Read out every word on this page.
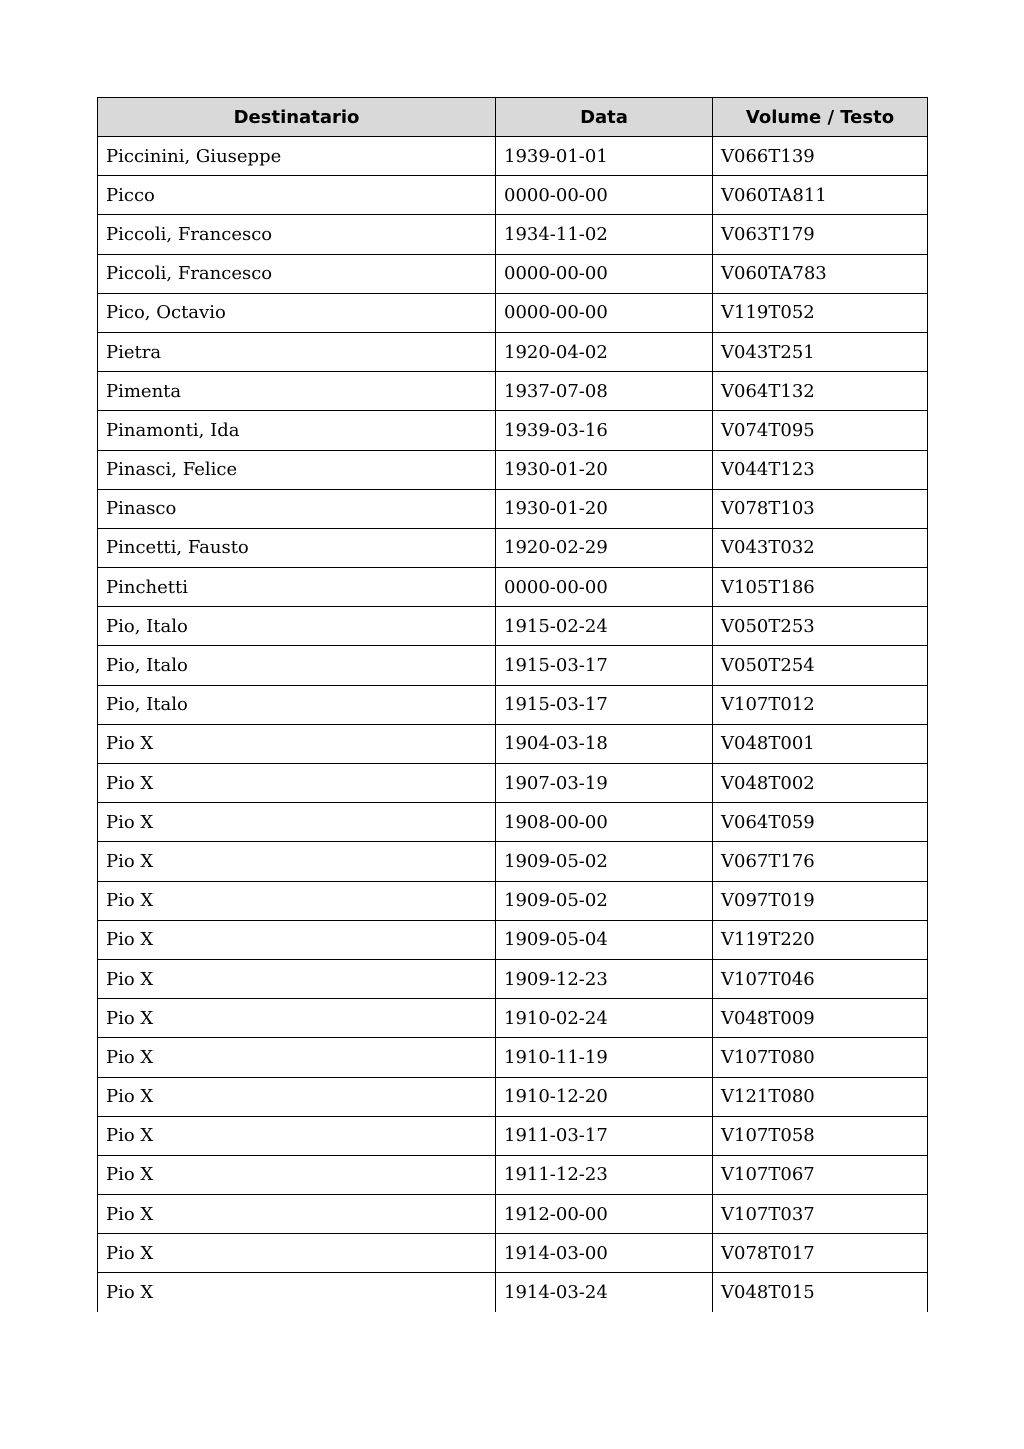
Destinatario	Data	Volume / Testo
Piccinini, Giuseppe	1939-01-01	V066T139
Picco	0000-00-00	V060TA811
Piccoli, Francesco	1934-11-02	V063T179
Piccoli, Francesco	0000-00-00	V060TA783
Pico, Octavio	0000-00-00	V119T052
Pietra	1920-04-02	V043T251
Pimenta	1937-07-08	V064T132
Pinamonti, Ida	1939-03-16	V074T095
Pinasci, Felice	1930-01-20	V044T123
Pinasco	1930-01-20	V078T103
Pincetti, Fausto	1920-02-29	V043T032
Pinchetti	0000-00-00	V105T186
Pio, Italo	1915-02-24	V050T253
Pio, Italo	1915-03-17	V050T254
Pio, Italo	1915-03-17	V107T012
Pio X	1904-03-18	V048T001
Pio X	1907-03-19	V048T002
Pio X	1908-00-00	V064T059
Pio X	1909-05-02	V067T176
Pio X	1909-05-02	V097T019
Pio X	1909-05-04	V119T220
Pio X	1909-12-23	V107T046
Pio X	1910-02-24	V048T009
Pio X	1910-11-19	V107T080
Pio X	1910-12-20	V121T080
Pio X	1911-03-17	V107T058
Pio X	1911-12-23	V107T067
Pio X	1912-00-00	V107T037
Pio X	1914-03-00	V078T017
Pio X	1914-03-24	V048T015
